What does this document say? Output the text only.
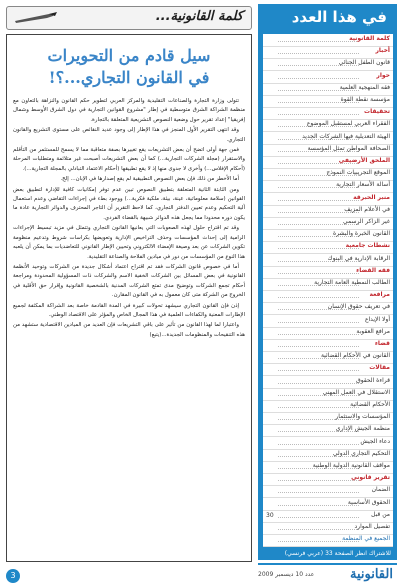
كلمة القانونية...
سيل قادم من التحويرات
في القانون التجاري...؟!

تتولى وزارة التجارة والصناعات التقليدية والمركز العربي لتطوير حكم القانون والنزاهة بالتعاون مع منظمة الشراكة الشرق متوسطية في إطار "مشروع القوانين التجارية في دول الشرق الأوسط وشمال إفريقيا" إعداد تقرير حول وضعية النصوص التشريعية المتعلقة بالتجارة.

وقد انتهى التقرير الأول المنجز في هذا الإطار إلى وجود عديد النقائص على مستوى التشريع والقانون التجاري.

فمن جهة أولى اتضح أن بعض التشريعات يقع تغييرها بصفة متعاقبة مما لا يسمح للمستثمر من التأقلم والاستقرار (مجلة الشركات التجارية...) كما أن بعض التشريعات أصبحت غير متلائمة ومتطلبات المرحلة (أحكام الإفلاس...) وأخرى لا جدوى منها إذ لا يقع تطبيقها (أحكام الاعتماد التبادلي بالمجلة التجارية...).

أما الأخطر من ذلك فإن بعض النصوص التطبيقية لم يقع إصدارها في الإبان... إلخ.

ومن الثابتة الثانية المتعلقة بتطبيق النصوص تبين عدم توفر إمكانيات كافية للإدارة لتطبيق بعض القوانين (سلامة معلوماتية، عينة، بيئة، ملكية فكرية...) ووجود بطء في إجراءات التقاضي وعدم استعمال آلية التحكيم وعدم تعيين الدفتر التجاري، كما لاحظ التقرير أن التاجر المحترف والدوائر التجارية عادة ما يكون دوره محدودا مما يجعل هذه الدوائر شبيهة بالقضاء الفردي.

وقد تم اقتراح حلول لهذه الصعوبات التي يعانيها القانون التجاري وتتمثل في مزيد تبسيط الإجراءات الرامية إلى إحداث المؤسسات وحذف التراخيص الإدارية وتعويضها بكراسات شروط وتدعيم منظومة تكوين الشركات عن بعد وصيغة الإمضاء الالكتروني وتحيين الإطار القانوني للتعاضديات بما يمكن أن يلعبه هذا النوع من المؤسسات من دور في ميادين الفلاحة والصناعة التقليدية.

أما في خصوص قانون الشركات فقد تم اقتراح اعتماد أشكال جديدة من الشركات وتوحيد الأنظمة القانونية في بعض المسائل بين الشركات الخفية الاسم والشركات ذات المسؤولية المحدودة ومراجعة أحكام تجمع الشركات وتوضيح مدى تمتع الشركات المدنية بالشخصية القانونية وإقرار حق الأقلية في الخروج من الشركة متى كان معمول به في القانون المقارن.

إذن فإن القانون التجاري سيشهد تحولات كبيرة في المدة القادمة خاصة بعد الشراكة المكثفة لجميع الإطارات المعنية والكفاءات العلمية في هذا المجال الخاص والمؤثر على الاقتصاد الوطني.

واعتبارا لما لهذا القانون من تأثير على باقي التشريعات فإن العديد من الميادين الاقتصادية ستشهد من هذه التنقيحات والمنظومات الجديدة...(يتبع)

في هذا العدد
كلمة القانونية
أخبار
قانون الطفل الجنائي
حوار
فقه المنهجية العلمية
مؤسسة نقطة القوة
تحقيقات
الفقراء العربي لمستقبل الموضوع
الهيئة التعديلية فيها الشركات الجديد
الصحافة المواطن تمثل المؤسسة
الملحق الأرضيفي
الموقع التجريبيات النموذج
أسالة الأسعار التجارية
منبر الحبرقة
في الأعلام المزيف
غير الزاكر الرسمي
القانون الخبرة والبشرة
نشطات جامعية
الرقابة الإدارية في البنوك
فقه القضاء
الطالب النمطية العامة التجارية
مرافعة
في تعريف حقوق الإنسان
أولا الإيداع
مرافع العقوبة
قضاء
القانون في الأحكام القضائية
مقالات
قراءة الحقوق
الاستقلال في العمل المهني
الأحكام القضائية
المؤسسات والاستثمار
منظمة الجيش الإداري
دعاء الجيش
التحكيم التجاري الدولي
مواقف القانونية الدولية الوطنية
تقرير قانوني
الضمان
الحقوق الأساسية
30	من قبل
تفصيل الموارد
الجميع في المنظمة
للاشتراك انظر الصفحة 33 (عربي فرنسي)
3	عدد 10 ديسمبر 2009	القانونية
